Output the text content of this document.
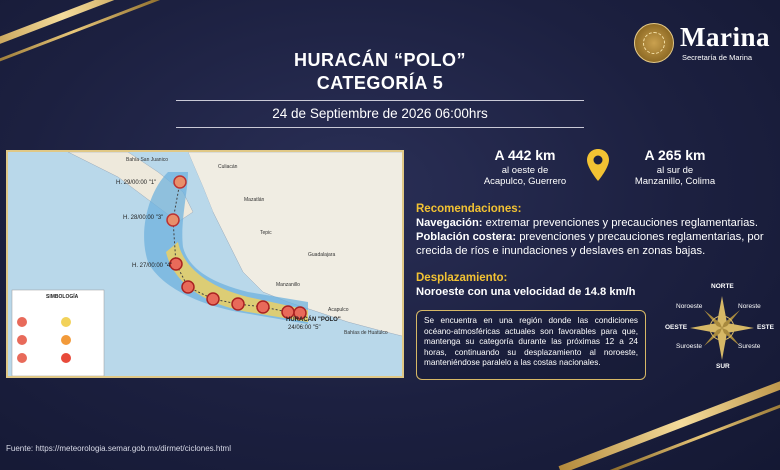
HURACÁN “POLO”
CATEGORÍA 5
24 de Septiembre de 2026 06:00hrs
Marina
Secretaría de Marina
HURACÁN "POLO"
24/06:00 "5"
SIMBOLOGÍA
H. 29/00:00 "1"
H. 28/00:00 "3"
H. 27/00:00 "4"
Bahía San Juanico
Culiacán
Mazatlán
Tepic
Guadalajara
Manzanillo
Acapulco
Bahías de Huatulco
A 442 km
al oeste de
Acapulco, Guerrero
A 265 km
al sur de
Manzanillo, Colima
Recomendaciones:
Navegación: extremar prevenciones y precauciones reglamentarias.
Población costera: prevenciones y precauciones reglamentarias, por crecida de ríos e inundaciones y deslaves en zonas bajas.
Desplazamiento:
Noroeste con una velocidad de 14.8 km/h
Se encuentra en una región donde las condiciones océano-atmosféricas actuales son favorables para que, mantenga su categoría durante las próximas 12 a 24 horas, continuando su desplazamiento al noroeste, manteniéndose paralelo a las costas nacionales.
NORTE
SUR
OESTE	ESTE
Noroeste	Noreste
Suroeste	Sureste
Fuente: https://meteorologia.semar.gob.mx/dirmet/ciclones.html
